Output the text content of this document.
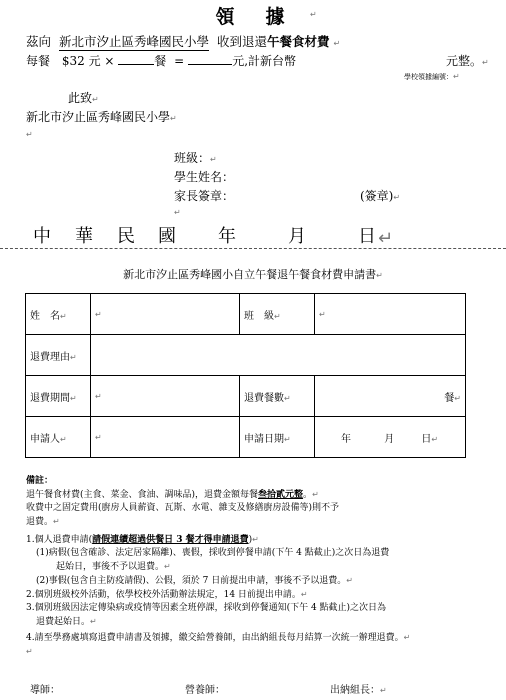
領　據	↵
茲向 新北市汐止區秀峰國民小學 收到退還午餐食材費 ↵
每餐 $32 元 ×	餐 =	元,計新台幣	元整。↵
學校領據編號：↵
此致↵
新北市汐止區秀峰國民小學↵
↵
班級：↵
學生姓名：
家長簽章：	(簽章)↵
↵
中 華 民 國 年	月	日 ↵
新北市汐止區秀峰國小自立午餐退午餐食材費申請書↵
姓　名↵	↵	班　級↵	↵
退費理由↵			
退費期間↵	↵	退費餐數↵	餐↵
申請人↵	↵	申請日期↵	年 月 日↵
備註：
退午餐食材費(主食、菜金、食油、調味品)，退費金額每餐叁拾貳元整。↵
收費中之固定費用(廚房人員薪資、瓦斯、水電、雜支及修繕廚房設備等)則不予
退費。↵
1.個人退費申請(請假連續超過供餐日 3 餐才得申請退費)↵
(1)病假(包含確診、法定居家隔離)、喪假，採收到停餐申請(下午 4 點截止)之次日為退費
起始日，事後不予以退費。↵
(2)事假(包含自主防疫請假)、公假，須於 7 日前提出申請，事後不予以退費。↵
2.個別班級校外活動，依學校校外活動辦法規定，14 日前提出申請。↵
3.個別班級因法定傳染病或疫情等因素全班停課，採收到停餐通知(下午 4 點截止)之次日為
退費起始日。↵
4.請至學務處填寫退費申請書及領據，繳交給營養師，由出納組長每月結算一次統一辦理退費。↵
↵
導師：	營養師：	出納組長：↵
